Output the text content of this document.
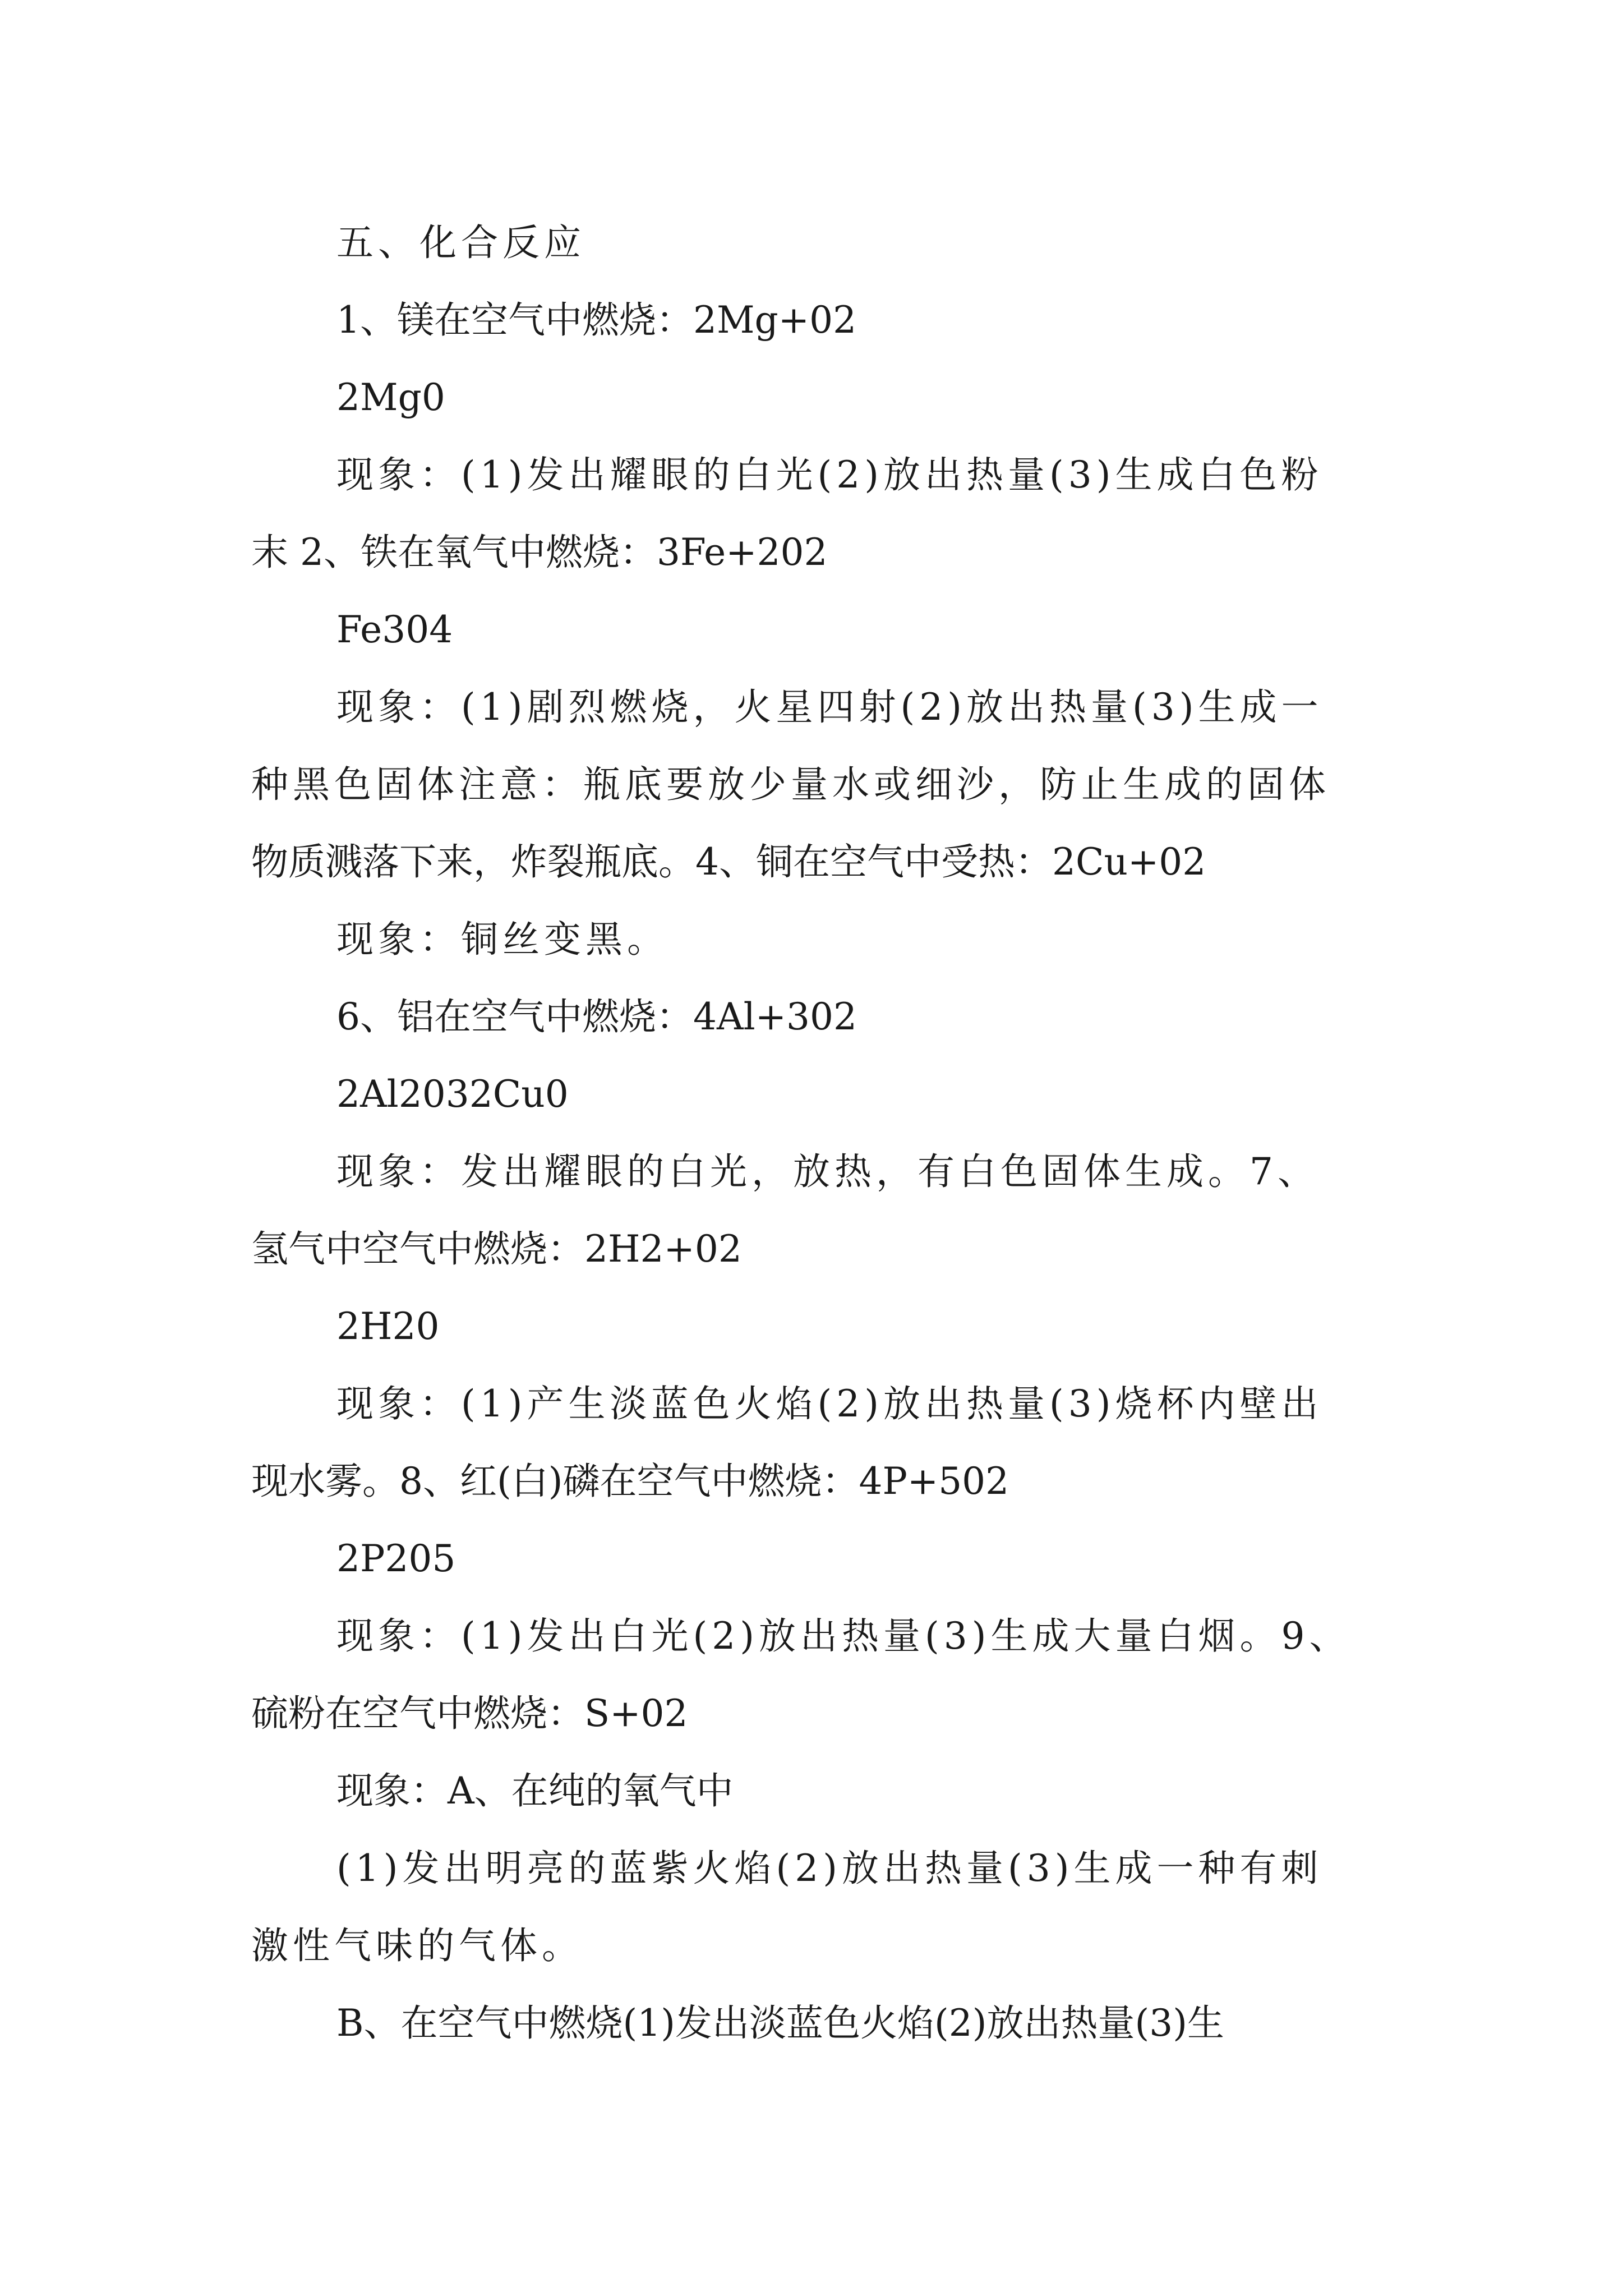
五、化合反应
1、镁在空气中燃烧：2Mg+02
2Mg0
现象：(1)发出耀眼的白光(2)放出热量(3)生成白色粉
末 2、铁在氧气中燃烧：3Fe+202
Fe304
现象：(1)剧烈燃烧，火星四射(2)放出热量(3)生成一
种黑色固体注意：瓶底要放少量水或细沙，防止生成的固体
物质溅落下来，炸裂瓶底。4、铜在空气中受热：2Cu+02
现象：铜丝变黑。
6、铝在空气中燃烧：4Al+302
2Al2032Cu0
现象：发出耀眼的白光，放热，有白色固体生成。7、
氢气中空气中燃烧：2H2+02
2H20
现象：(1)产生淡蓝色火焰(2)放出热量(3)烧杯内壁出
现水雾。8、红(白)磷在空气中燃烧：4P+502
2P205
现象：(1)发出白光(2)放出热量(3)生成大量白烟。9、
硫粉在空气中燃烧：S+02
现象：A、在纯的氧气中
(1)发出明亮的蓝紫火焰(2)放出热量(3)生成一种有刺
激性气味的气体。
B、在空气中燃烧(1)发出淡蓝色火焰(2)放出热量(3)生
